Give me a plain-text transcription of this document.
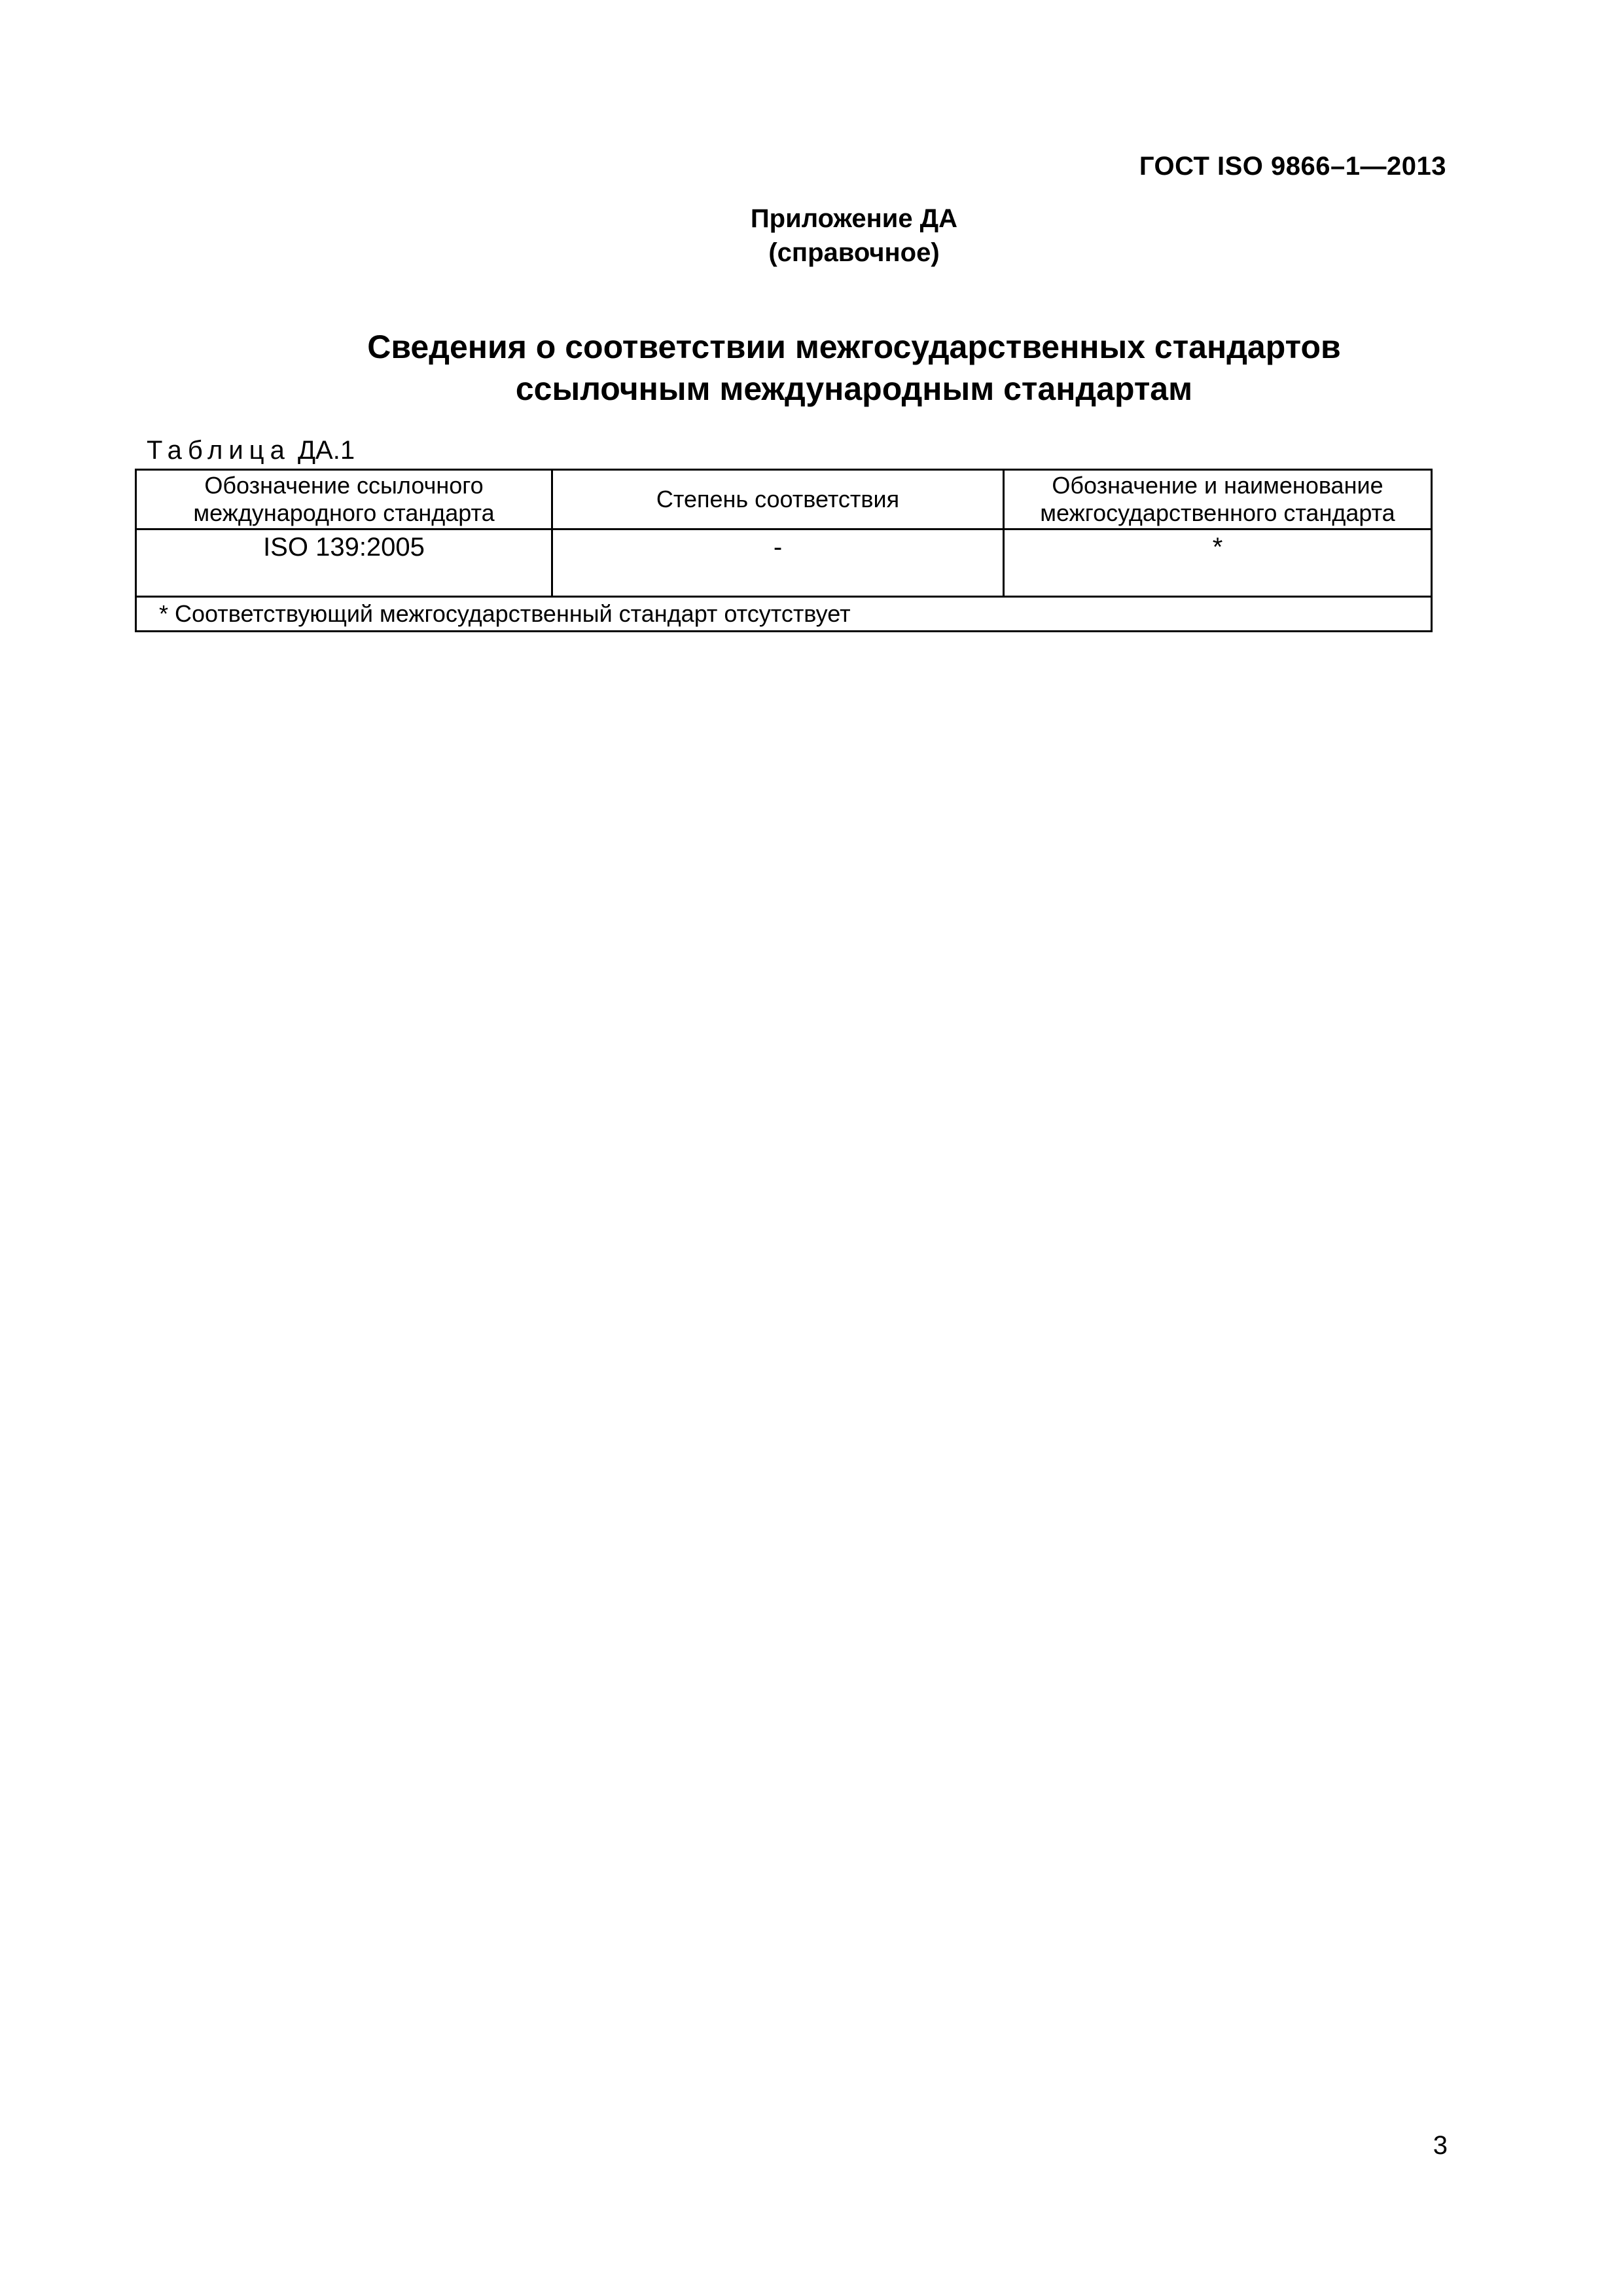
ГОСТ ISO 9866–1—2013
Приложение ДА
(справочное)
Сведения о соответствии межгосударственных стандартов
ссылочным международным стандартам
Таблица ДА.1
Обозначение ссылочного международного стандарта	Степень соответствия	Обозначение и наименование межгосударственного стандарта
ISO 139:2005	-	*
* Соответствующий межгосударственный стандарт отсутствует		
3
